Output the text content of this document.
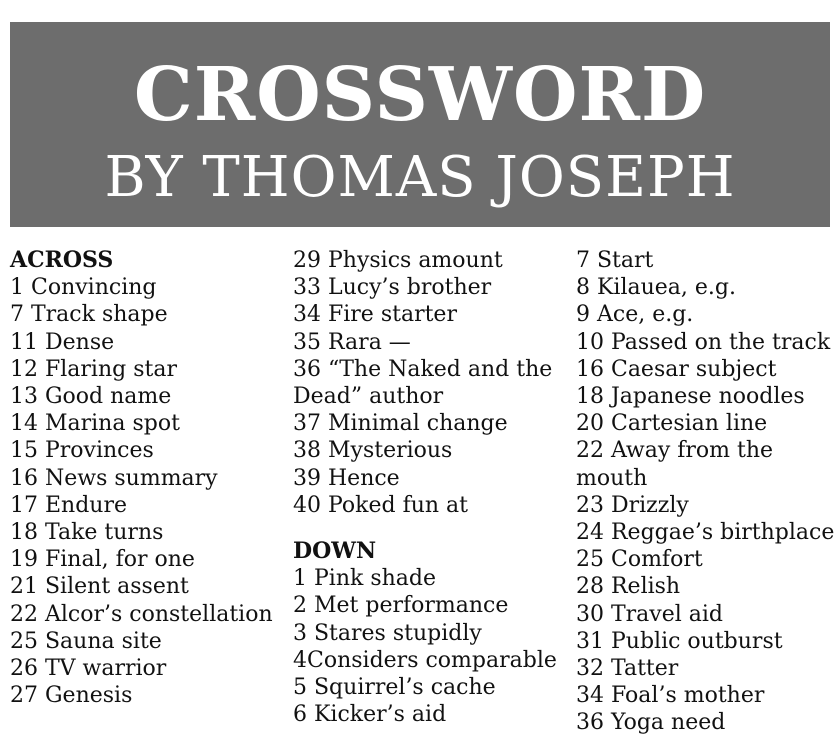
CROSSWORD
BY THOMAS JOSEPH
ACROSS
1 Convincing
7 Track shape
11 Dense
12 Flaring star
13 Good name
14 Marina spot
15 Provinces
16 News summary
17 Endure
18 Take turns
19 Final, for one
21 Silent assent
22 Alcor’s constellation
25 Sauna site
26 TV warrior
27 Genesis
29 Physics amount
33 Lucy’s brother
34 Fire starter
35 Rara —
36 “The Naked and the Dead” author
37 Minimal change
38 Mysterious
39 Hence
40 Poked fun at
DOWN
1 Pink shade
2 Met performance
3 Stares stupidly
4Considers comparable
5 Squirrel’s cache
6 Kicker’s aid
7 Start
8 Kilauea, e.g.
9 Ace, e.g.
10 Passed on the track
16 Caesar subject
18 Japanese noodles
20 Cartesian line
22 Away from the mouth
23 Drizzly
24 Reggae’s birthplace
25 Comfort
28 Relish
30 Travel aid
31 Public outburst
32 Tatter
34 Foal’s mother
36 Yoga need
